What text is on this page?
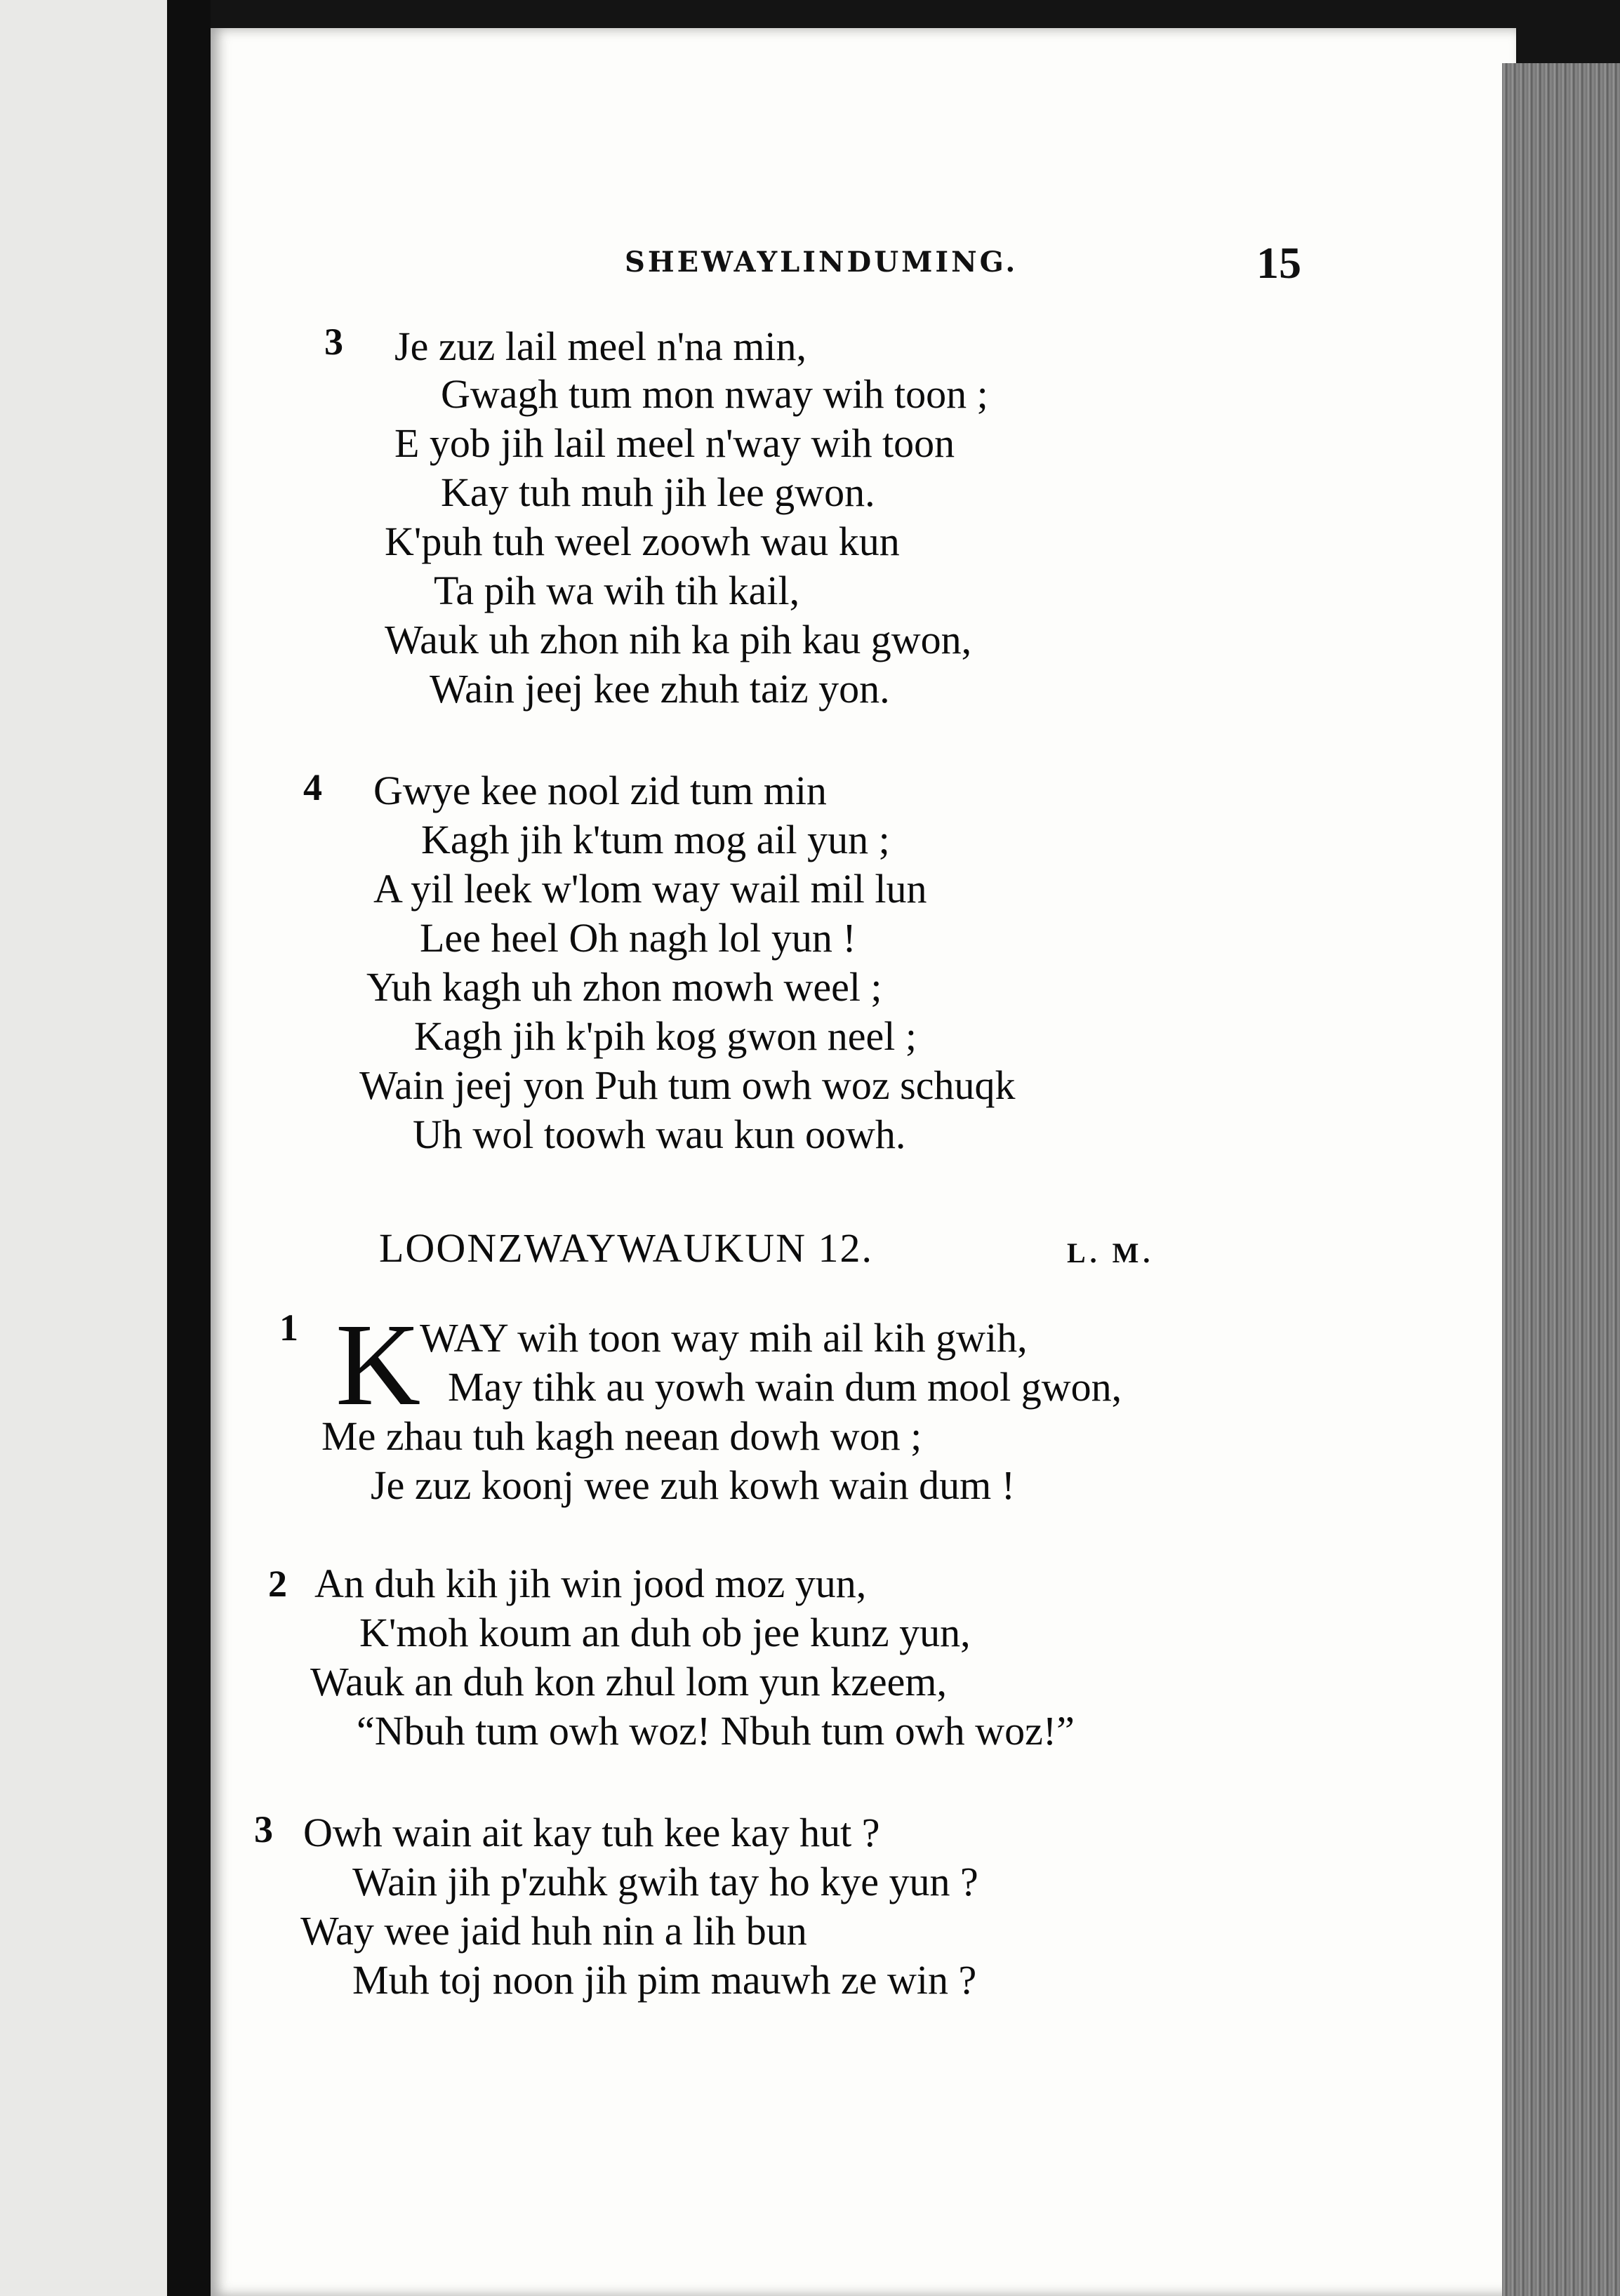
SHEWAYLINDUMING.	15
3 Je zuz lail meel n'na min,
Gwagh tum mon nway wih toon ;
E yob jih lail meel n'way wih toon
Kay tuh muh jih lee gwon.
K'puh tuh weel zoowh wau kun
Ta pih wa wih tih kail,
Wauk uh zhon nih ka pih kau gwon,
Wain jeej kee zhuh taiz yon.
4 Gwye kee nool zid tum min
Kagh jih k'tum mog ail yun ;
A yil leek w'lom way wail mil lun
Lee heel Oh nagh lol yun !
Yuh kagh uh zhon mowh weel ;
Kagh jih k'pih kog gwon neel ;
Wain jeej yon Puh tum owh woz schuqk
Uh wol toowh wau kun oowh.
LOONZWAYWAUKUN 12.	L. M.
1 K
WAY wih toon way mih ail kih gwih,
May tihk au yowh wain dum mool gwon,
Me zhau tuh kagh neean dowh won ;
Je zuz koonj wee zuh kowh wain dum !
2 An duh kih jih win jood moz yun,
K'moh koum an duh ob jee kunz yun,
Wauk an duh kon zhul lom yun kzeem,
“Nbuh tum owh woz! Nbuh tum owh woz!”
3 Owh wain ait kay tuh kee kay hut ?
Wain jih p'zuhk gwih tay ho kye yun ?
Way wee jaid huh nin a lih bun
Muh toj noon jih pim mauwh ze win ?
